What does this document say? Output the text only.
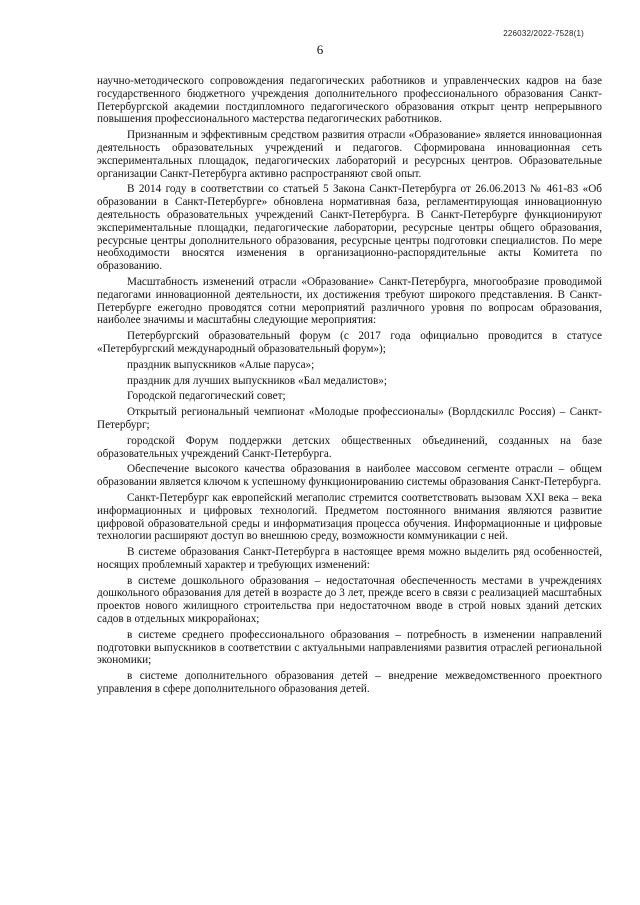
226032/2022-7528(1)
6

научно-методического сопровождения педагогических работников и управленческих кадров на базе государственного бюджетного учреждения дополнительного профессионального образования Санкт-Петербургской академии постдипломного педагогического образования открыт центр непрерывного повышения профессионального мастерства педагогических работников.

Признанным и эффективным средством развития отрасли «Образование» является инновационная деятельность образовательных учреждений и педагогов. Сформирована инновационная сеть экспериментальных площадок, педагогических лабораторий и ресурсных центров. Образовательные организации Санкт-Петербурга активно распространяют свой опыт.

В 2014 году в соответствии со статьей 5 Закона Санкт-Петербурга от 26.06.2013 № 461-83 «Об образовании в Санкт-Петербурге» обновлена нормативная база, регламентирующая инновационную деятельность образовательных учреждений Санкт-Петербурга. В Санкт-Петербурге функционируют экспериментальные площадки, педагогические лаборатории, ресурсные центры общего образования, ресурсные центры дополнительного образования, ресурсные центры подготовки специалистов. По мере необходимости вносятся изменения в организационно-распорядительные акты Комитета по образованию.

Масштабность изменений отрасли «Образование» Санкт-Петербурга, многообразие проводимой педагогами инновационной деятельности, их достижения требуют широкого представления. В Санкт-Петербурге ежегодно проводятся сотни мероприятий различного уровня по вопросам образования, наиболее значимы и масштабны следующие мероприятия:

Петербургский образовательный форум (с 2017 года официально проводится в статусе «Петербургский международный образовательный форум»);

праздник выпускников «Алые паруса»;

праздник для лучших выпускников «Бал медалистов»;

Городской педагогический совет;

Открытый региональный чемпионат «Молодые профессионалы» (Ворлдскиллс Россия) – Санкт-Петербург;

городской Форум поддержки детских общественных объединений, созданных на базе образовательных учреждений Санкт-Петербурга.

Обеспечение высокого качества образования в наиболее массовом сегменте отрасли – общем образовании является ключом к успешному функционированию системы образования Санкт-Петербурга.

Санкт-Петербург как европейский мегаполис стремится соответствовать вызовам XXI века – века информационных и цифровых технологий. Предметом постоянного внимания являются развитие цифровой образовательной среды и информатизация процесса обучения. Информационные и цифровые технологии расширяют доступ во внешнюю среду, возможности коммуникации с ней.

В системе образования Санкт-Петербурга в настоящее время можно выделить ряд особенностей, носящих проблемный характер и требующих изменений:

в системе дошкольного образования – недостаточная обеспеченность местами в учреждениях дошкольного образования для детей в возрасте до 3 лет, прежде всего в связи с реализацией масштабных проектов нового жилищного строительства при недостаточном вводе в строй новых зданий детских садов в отдельных микрорайонах;

в системе среднего профессионального образования – потребность в изменении направлений подготовки выпускников в соответствии с актуальными направлениями развития отраслей региональной экономики;

в системе дополнительного образования детей – внедрение межведомственного проектного управления в сфере дополнительного образования детей.
